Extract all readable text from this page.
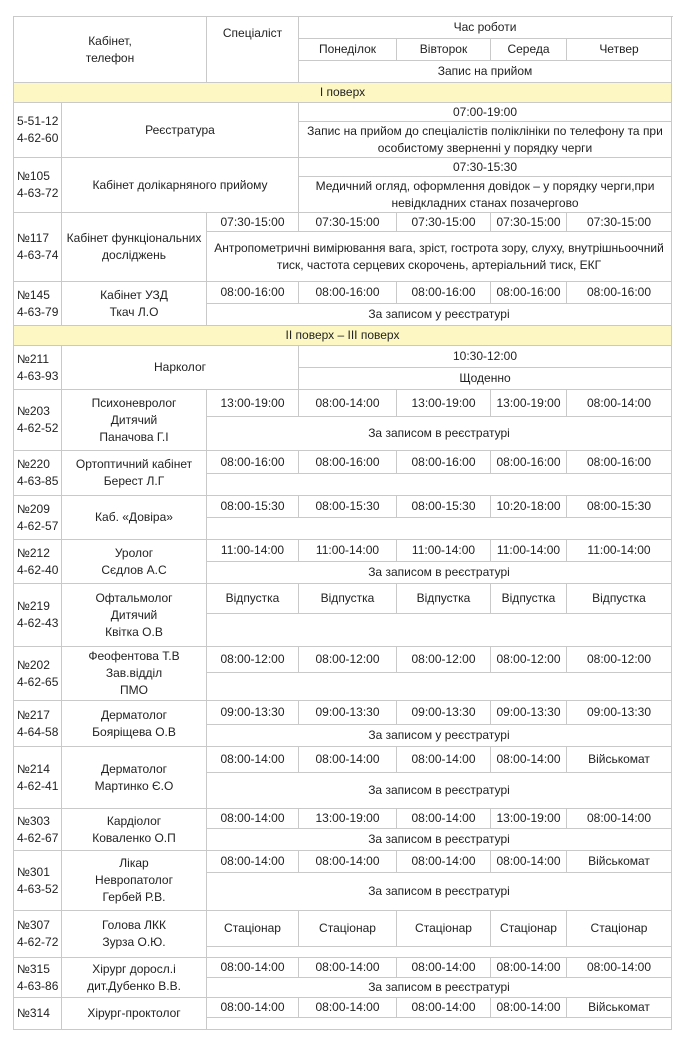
Кабінет,
телефон		Спеціаліст	Час роботи				
			Понеділок	Вівторок	Середа	Четвер	
			Запис на прийом				
І поверх							

5-51-12
4-62-60	Реєстратура		07:00-19:00				
			Запис на прийом до спеціалістів поліклініки по телефону та при особистому зверненні у порядку черги				

№105
4-63-72	Кабінет долікарняного прийому		07:30-15:30				
			Медичний огляд, оформлення довідок – у порядку черги,при невідкладних станах позачергово				

№117
4-63-74	Кабінет функціональних досліджень	07:30-15:00	07:30-15:00	07:30-15:00	07:30-15:00	07:30-15:00	
		Антропометричні вимірювання вага, зріст, гострота зору, слуху, внутрішньоочний тиск, частота серцевих скорочень, артеріальний тиск, ЕКГ					

№145
4-63-79	Кабінет УЗД
Ткач Л.О	08:00-16:00	08:00-16:00	08:00-16:00	08:00-16:00	08:00-16:00	
		За записом у реєстратурі					
ІІ поверх – ІІІ поверх							

№211
4-63-93	Нарколог		10:30-12:00				
			Щоденно				

№203
4-62-52	Психоневролог
Дитячий
Паначова Г.І	13:00-19:00	08:00-14:00	13:00-19:00	13:00-19:00	08:00-14:00	
		За записом в реєстратурі					

№220
4-63-85	Ортоптичний кабінет
Берест Л.Г	08:00-16:00	08:00-16:00	08:00-16:00	08:00-16:00	08:00-16:00	

№209
4-62-57	Каб. «Довіра»	08:00-15:30	08:00-15:30	08:00-15:30	10:20-18:00	08:00-15:30	

№212
4-62-40	Уролог
Сєдлов А.С	11:00-14:00	11:00-14:00	11:00-14:00	11:00-14:00	11:00-14:00	
		За записом в реєстратурі					

№219
4-62-43	Офтальмолог
Дитячий
Квітка О.В	Відпустка	Відпустка	Відпустка	Відпустка	Відпустка	

№202
4-62-65	Феофентова Т.В
Зав.відділ
ПМО	08:00-12:00	08:00-12:00	08:00-12:00	08:00-12:00	08:00-12:00	

№217
4-64-58	Дерматолог
Бояріщева О.В	09:00-13:30	09:00-13:30	09:00-13:30	09:00-13:30	09:00-13:30	
		За записом у реєстратурі					

№214
4-62-41	Дерматолог
Мартинко Є.О	08:00-14:00	08:00-14:00	08:00-14:00	08:00-14:00	Військомат	
		За записом в реєстратурі					

№303
4-62-67	Кардіолог
Коваленко О.П	08:00-14:00	13:00-19:00	08:00-14:00	13:00-19:00	08:00-14:00	
		За записом в реєстратурі					

№301
4-63-52	Лікар
Невропатолог
Гербей Р.В.	08:00-14:00	08:00-14:00	08:00-14:00	08:00-14:00	Військомат	
		За записом в реєстратурі					

№307
4-62-72	Голова ЛКК
Зурза О.Ю.	Стаціонар	Стаціонар	Стаціонар	Стаціонар	Стаціонар	

№315
4-63-86	Хірург доросл.і дит.Дубенко В.В.	08:00-14:00	08:00-14:00	08:00-14:00	08:00-14:00	08:00-14:00	
		За записом в реєстратурі					

№314	Хірург-проктолог	08:00-14:00	08:00-14:00	08:00-14:00	08:00-14:00	Військомат	
